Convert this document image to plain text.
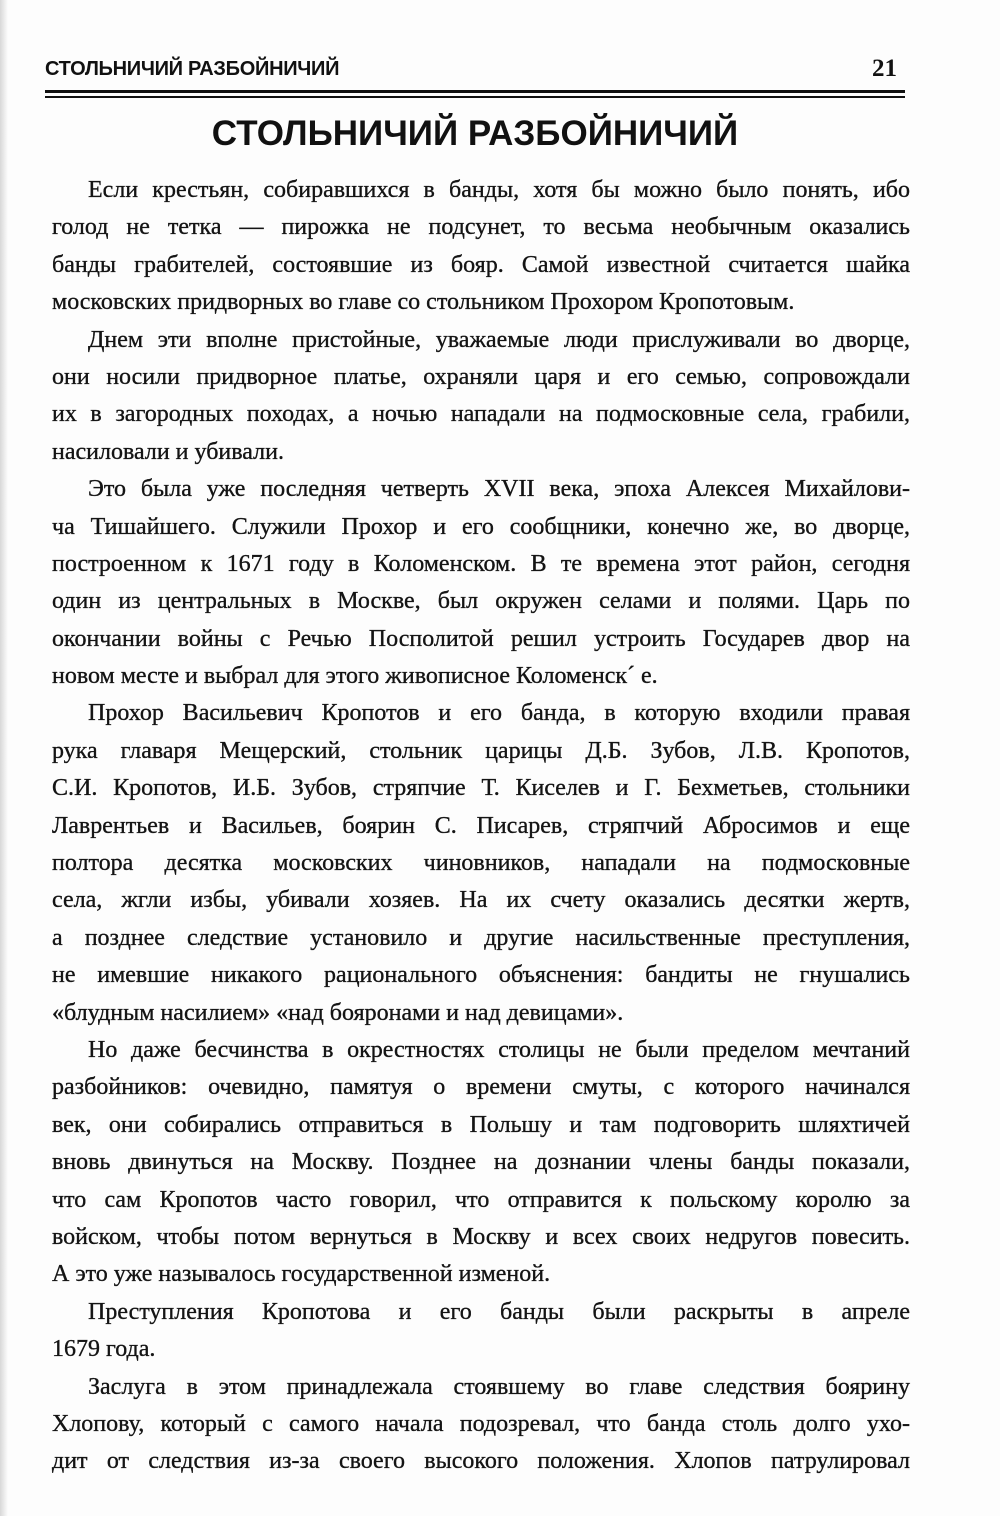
СТОЛЬНИЧИЙ РАЗБОЙНИЧИЙ	21
СТОЛЬНИЧИЙ РАЗБОЙНИЧИЙ
Если крестьян, собиравшихся в банды, хотя бы можно было понять, ибо
голод не тетка — пирожка не подсунет, то весьма необычным оказались
банды грабителей, состоявшие из бояр. Самой известной считается шайка
московских придворных во главе со стольником Прохором Кропотовым.
Днем эти вполне пристойные, уважаемые люди прислуживали во дворце,
они носили придворное платье, охраняли царя и его семью, сопровождали
их в загородных походах, а ночью нападали на подмосковные села, грабили,
насиловали и убивали.
Это была уже последняя четверть XVII века, эпоха Алексея Михайлови-
ча Тишайшего. Служили Прохор и его сообщники, конечно же, во дворце,
построенном к 1671 году в Коломенском. В те времена этот район, сегодня
один из центральных в Москве, был окружен селами и полями. Царь по
окончании войны с Речью Посполитой решил устроить Государев двор на
новом месте и выбрал для этого живописное Коломенск´ е.
Прохор Васильевич Кропотов и его банда, в которую входили правая
рука главаря Мещерский, стольник царицы Д.Б. Зубов, Л.В. Кропотов,
С.И. Кропотов, И.Б. Зубов, стряпчие Т. Киселев и Г. Бехметьев, стольники
Лаврентьев и Васильев, боярин С. Писарев, стряпчий Абросимов и еще
полтора десятка московских чиновников, нападали на подмосковные
села, жгли избы, убивали хозяев. На их счету оказались десятки жертв,
а позднее следствие установило и другие насильственные преступления,
не имевшие никакого рационального объяснения: бандиты не гнушались
«блудным насилием» «над бояронами и над девицами».
Но даже бесчинства в окрестностях столицы не были пределом мечтаний
разбойников: очевидно, памятуя о времени смуты, с которого начинался
век, они собирались отправиться в Польшу и там подговорить шляхтичей
вновь двинуться на Москву. Позднее на дознании члены банды показали,
что сам Кропотов часто говорил, что отправится к польскому королю за
войском, чтобы потом вернуться в Москву и всех своих недругов повесить.
А это уже называлось государственной изменой.
Преступления Кропотова и его банды были раскрыты в апреле
1679 года.
Заслуга в этом принадлежала стоявшему во главе следствия боярину
Хлопову, который с самого начала подозревал, что банда столь долго ухо-
дит от следствия из-за своего высокого положения. Хлопов патрулировал
